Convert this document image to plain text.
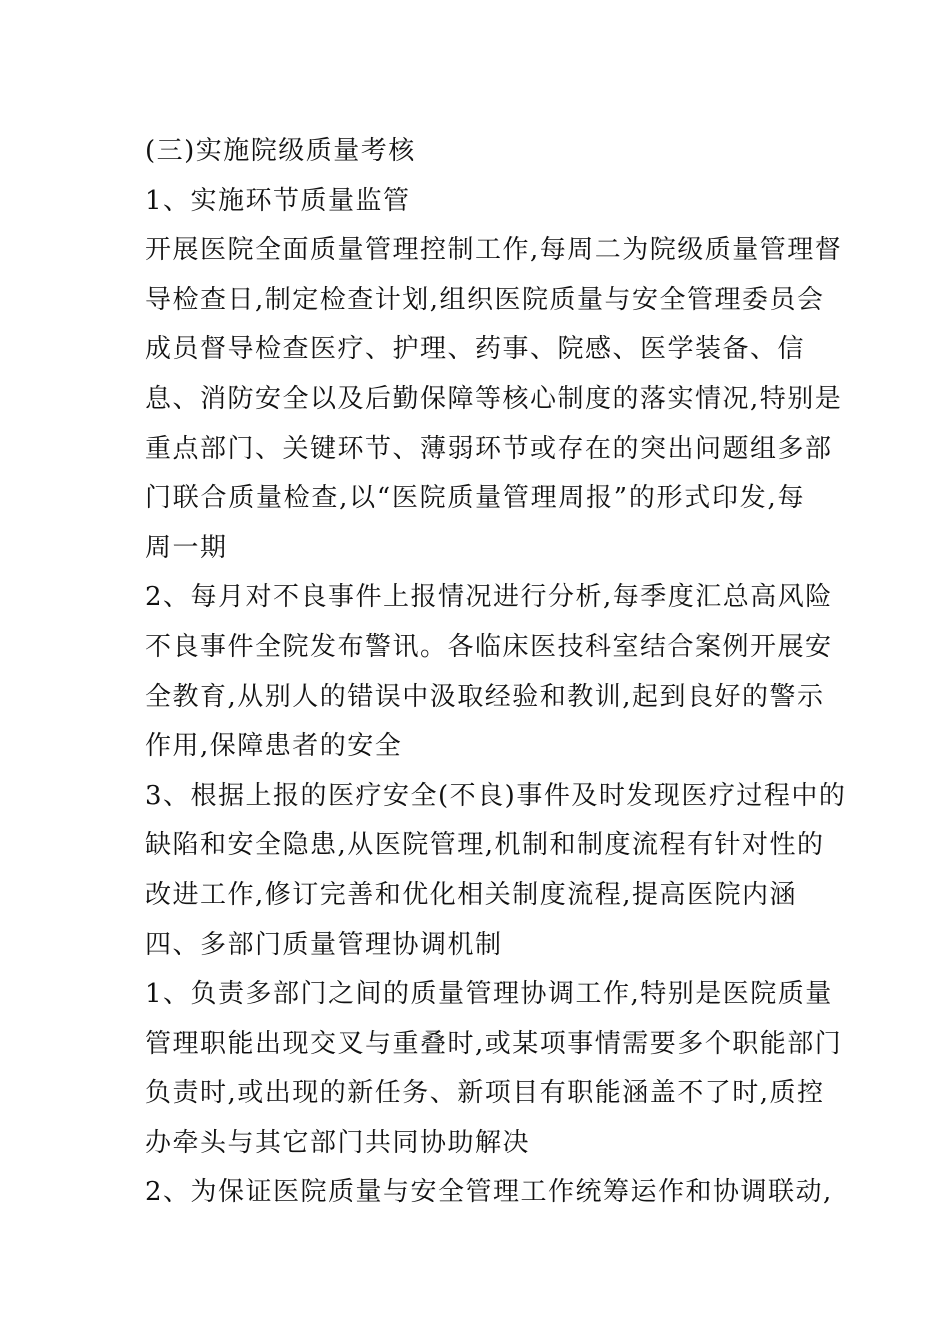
(三)实施院级质量考核
1、实施环节质量监管
开展医院全面质量管理控制工作,每周二为院级质量管理督
导检查日,制定检查计划,组织医院质量与安全管理委员会
成员督导检查医疗、护理、药事、院感、医学装备、信
息、消防安全以及后勤保障等核心制度的落实情况,特别是
重点部门、关键环节、薄弱环节或存在的突出问题组多部
门联合质量检查,以“医院质量管理周报”的形式印发,每
周一期
2、每月对不良事件上报情况进行分析,每季度汇总高风险
不良事件全院发布警讯。各临床医技科室结合案例开展安
全教育,从别人的错误中汲取经验和教训,起到良好的警示
作用,保障患者的安全
3、根据上报的医疗安全(不良)事件及时发现医疗过程中的
缺陷和安全隐患,从医院管理,机制和制度流程有针对性的
改进工作,修订完善和优化相关制度流程,提高医院内涵
四、多部门质量管理协调机制
1、负责多部门之间的质量管理协调工作,特别是医院质量
管理职能出现交叉与重叠时,或某项事情需要多个职能部门
负责时,或出现的新任务、新项目有职能涵盖不了时,质控
办牵头与其它部门共同协助解决
2、为保证医院质量与安全管理工作统筹运作和协调联动,
